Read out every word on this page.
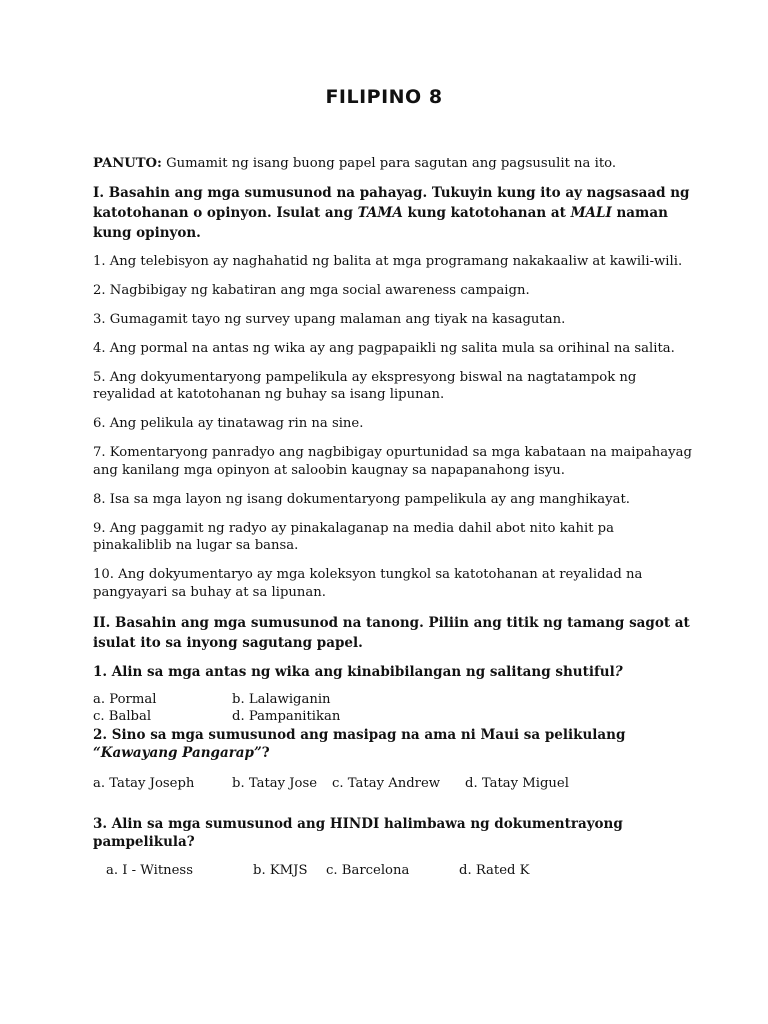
FILIPINO 8

PANUTO: Gumamit ng isang buong papel para sagutan ang pagsusulit na ito.

I. Basahin ang mga sumusunod na pahayag. Tukuyin kung ito ay nagsasaad ng katotohanan o opinyon. Isulat ang TAMA kung katotohanan at MALI naman kung opinyon.

1. Ang telebisyon ay naghahatid ng balita at mga programang nakakaaliw at kawili-wili.

2. Nagbibigay ng kabatiran ang mga social awareness campaign.

3. Gumagamit tayo ng survey upang malaman ang tiyak na kasagutan.

4. Ang pormal na antas ng wika ay ang pagpapaikli ng salita mula sa orihinal na salita.

5. Ang dokyumentaryong pampelikula ay ekspresyong biswal na nagtatampok ng reyalidad at katotohanan ng buhay sa isang lipunan.

6. Ang pelikula ay tinatawag rin na sine.

7. Komentaryong panradyo ang nagbibigay opurtunidad sa mga kabataan na maipahayag ang kanilang mga opinyon at saloobin kaugnay sa napapanahong isyu.

8. Isa sa mga layon ng isang dokumentaryong pampelikula ay ang manghikayat.

9. Ang paggamit ng radyo ay pinakalaganap na media dahil abot nito kahit pa pinakaliblib na lugar sa bansa.

10. Ang dokyumentaryo ay mga koleksyon tungkol sa katotohanan at reyalidad na pangyayari sa buhay at sa lipunan.

II. Basahin ang mga sumusunod na tanong. Piliin ang titik ng tamang sagot at isulat ito sa inyong sagutang papel.

1. Alin sa mga antas ng wika ang kinabibilangan ng salitang shutiful?

a. Pormal	b. Lalawiganin
c. Balbal	d. Pampanitikan

2. Sino sa mga sumusunod ang masipag na ama ni Maui sa pelikulang “Kawayang Pangarap”?

a. Tatay Joseph	b. Tatay Jose c. Tatay Andrew d. Tatay Miguel

3. Alin sa mga sumusunod ang HINDI halimbawa ng dokumentrayong pampelikula?

a. I - Witness	b. KMJS c. Barcelona	d. Rated K
